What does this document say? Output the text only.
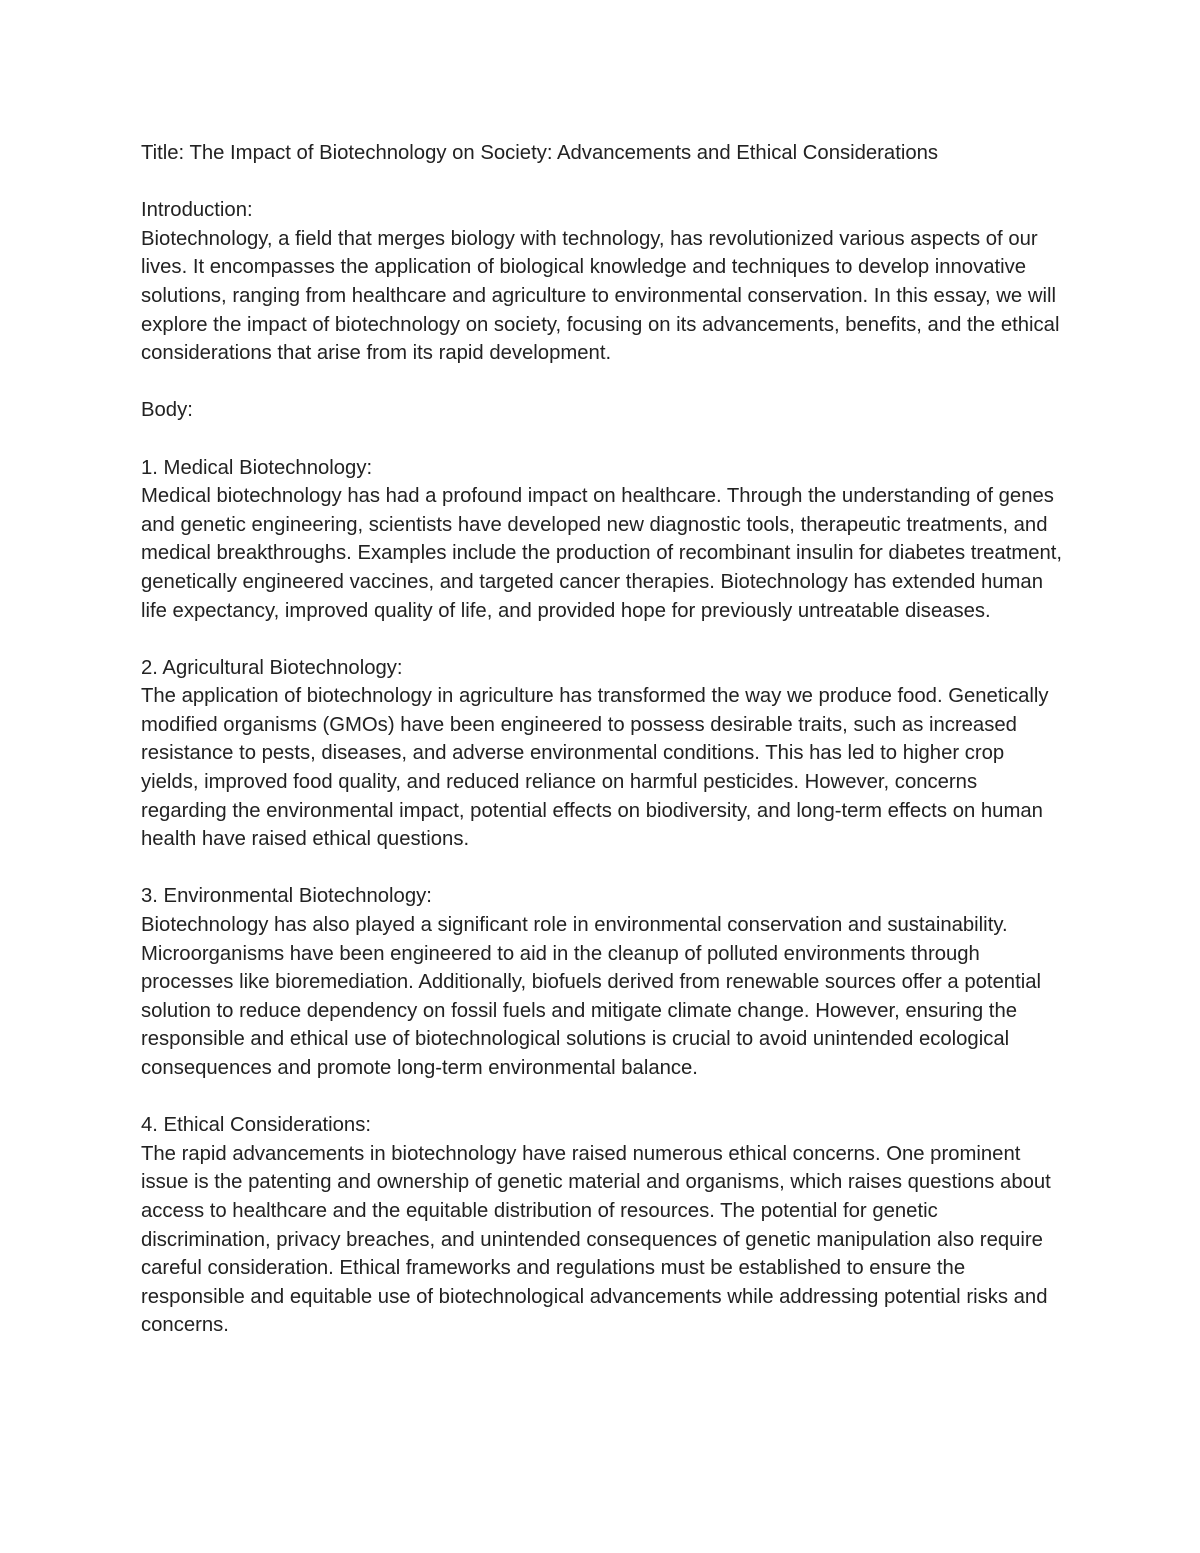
Title: The Impact of Biotechnology on Society: Advancements and Ethical Considerations

Introduction:

Biotechnology, a field that merges biology with technology, has revolutionized various aspects of our lives. It encompasses the application of biological knowledge and techniques to develop innovative solutions, ranging from healthcare and agriculture to environmental conservation. In this essay, we will explore the impact of biotechnology on society, focusing on its advancements, benefits, and the ethical considerations that arise from its rapid development.

Body:

1. Medical Biotechnology:

Medical biotechnology has had a profound impact on healthcare. Through the understanding of genes and genetic engineering, scientists have developed new diagnostic tools, therapeutic treatments, and medical breakthroughs. Examples include the production of recombinant insulin for diabetes treatment, genetically engineered vaccines, and targeted cancer therapies. Biotechnology has extended human life expectancy, improved quality of life, and provided hope for previously untreatable diseases.

2. Agricultural Biotechnology:

The application of biotechnology in agriculture has transformed the way we produce food. Genetically modified organisms (GMOs) have been engineered to possess desirable traits, such as increased resistance to pests, diseases, and adverse environmental conditions. This has led to higher crop yields, improved food quality, and reduced reliance on harmful pesticides. However, concerns regarding the environmental impact, potential effects on biodiversity, and long-term effects on human health have raised ethical questions.

3. Environmental Biotechnology:

Biotechnology has also played a significant role in environmental conservation and sustainability. Microorganisms have been engineered to aid in the cleanup of polluted environments through processes like bioremediation. Additionally, biofuels derived from renewable sources offer a potential solution to reduce dependency on fossil fuels and mitigate climate change. However, ensuring the responsible and ethical use of biotechnological solutions is crucial to avoid unintended ecological consequences and promote long-term environmental balance.

4. Ethical Considerations:

The rapid advancements in biotechnology have raised numerous ethical concerns. One prominent issue is the patenting and ownership of genetic material and organisms, which raises questions about access to healthcare and the equitable distribution of resources. The potential for genetic discrimination, privacy breaches, and unintended consequences of genetic manipulation also require careful consideration. Ethical frameworks and regulations must be established to ensure the responsible and equitable use of biotechnological advancements while addressing potential risks and concerns.
